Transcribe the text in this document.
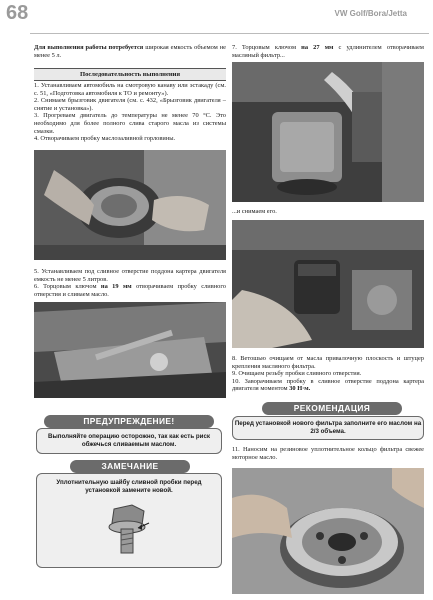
68	VW Golf/Bora/Jetta

Для выполнения работы потребуется широкая емкость объемом не менее 5 л.

Последовательность выполнения

1. Устанавливаем автомобиль на смотровую канаву или эстакаду (см. с. 51, «Подготовка автомобиля к ТО и ремонту»).

2. Снимаем брызговик двигателя (см. с. 432, «Брызговик двигателя – снятие и установка»).

3. Прогреваем двигатель до температуры не менее 70 °С. Это необходимо для более полного слива старого масла из системы смазки.

4. Отворачиваем пробку маслозаливной горловины.

5. Устанавливаем под сливное отверстие поддона картера двигателя емкость не менее 5 литров.

6. Торцовым ключом на 19 мм отворачиваем пробку сливного отверстия и сливаем масло.

ПРЕДУПРЕЖДЕНИЕ!
Выполняйте операцию осторожно, так как есть риск обжечься сливаемым маслом.
ЗАМЕЧАНИЕ
Уплотнительную шайбу сливной пробки перед установкой замените новой.
7. Торцовым ключом на 27 мм с удлинителем отворачиваем масляный фильтр...
...и снимаем его.

8. Ветошью очищаем от масла привалочную плоскость и штуцер крепления масляного фильтра.

9. Очищаем резьбу пробки сливного отверстия.

10. Заворачиваем пробку в сливное отверстие поддона картера двигателя моментом 30 Н·м.

РЕКОМЕНДАЦИЯ
Перед установкой нового фильтра заполните его маслом на 2/3 объема.
11. Наносим на резиновое уплотнительное кольцо фильтра свежее моторное масло.
